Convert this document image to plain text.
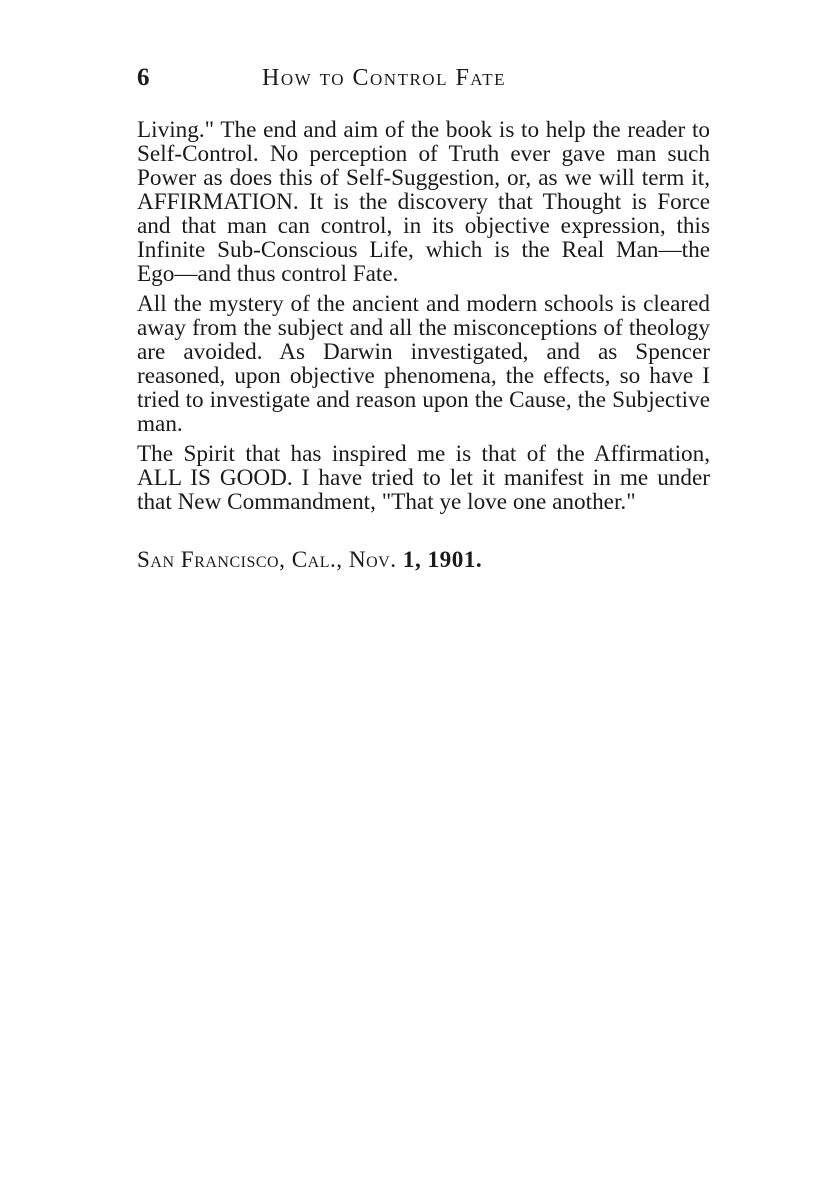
6	How to Control Fate

Living." The end and aim of the book is to help the reader to Self-Control. No perception of Truth ever gave man such Power as does this of Self-Suggestion, or, as we will term it, AFFIRMATION. It is the discovery that Thought is Force and that man can control, in its objective expression, this Infinite Sub-Conscious Life, which is the Real Man—the Ego—and thus control Fate.

All the mystery of the ancient and modern schools is cleared away from the subject and all the misconceptions of theology are avoided. As Darwin investigated, and as Spencer reasoned, upon objective phenomena, the effects, so have I tried to investigate and reason upon the Cause, the Subjective man.

The Spirit that has inspired me is that of the Affirmation, ALL IS GOOD. I have tried to let it manifest in me under that New Commandment, "That ye love one another."

San Francisco, Cal., Nov. 1, 1901.
